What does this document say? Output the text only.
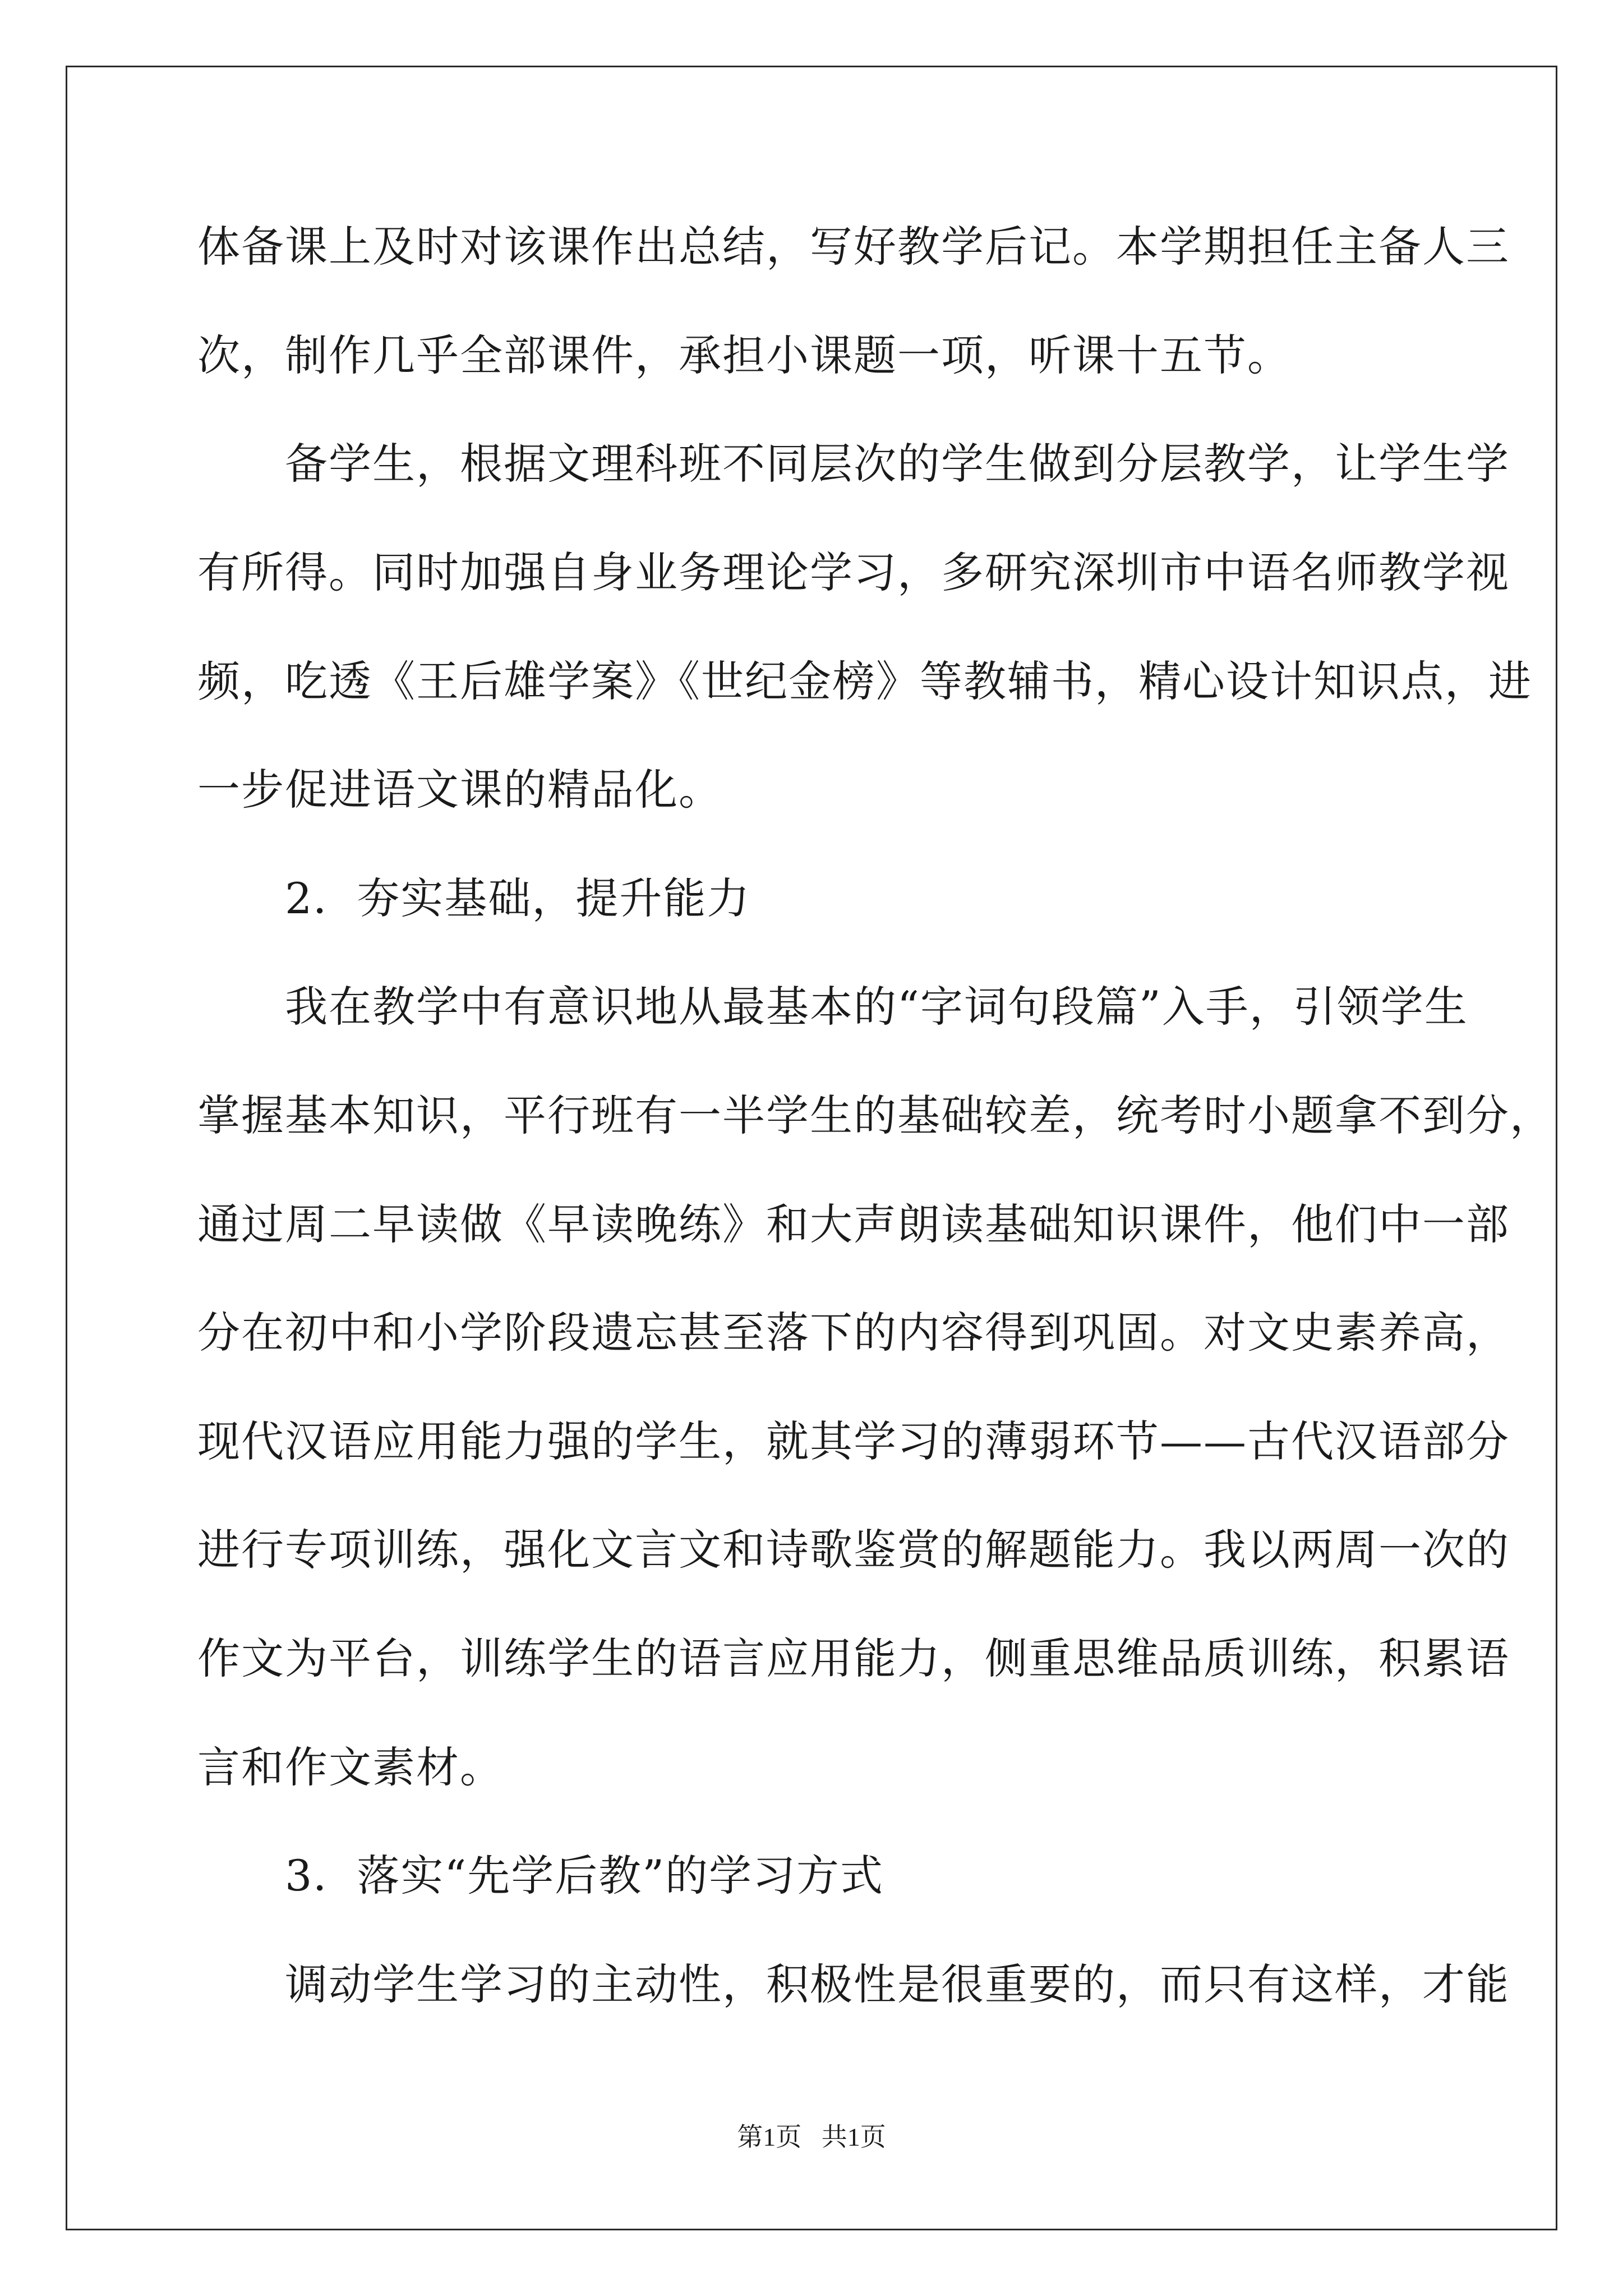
体备课上及时对该课作出总结，写好教学后记。本学期担任主备人三

次，制作几乎全部课件，承担小课题一项，听课十五节。

　　备学生，根据文理科班不同层次的学生做到分层教学，让学生学

有所得。同时加强自身业务理论学习，多研究深圳市中语名师教学视

频，吃透《王后雄学案》《世纪金榜》等教辅书，精心设计知识点，进

一步促进语文课的精品化。

　　2．夯实基础，提升能力

　　我在教学中有意识地从最基本的“字词句段篇”入手，引领学生

掌握基本知识，平行班有一半学生的基础较差，统考时小题拿不到分，

通过周二早读做《早读晚练》和大声朗读基础知识课件，他们中一部

分在初中和小学阶段遗忘甚至落下的内容得到巩固。对文史素养高，

现代汉语应用能力强的学生，就其学习的薄弱环节——古代汉语部分

进行专项训练，强化文言文和诗歌鉴赏的解题能力。我以两周一次的

作文为平台，训练学生的语言应用能力，侧重思维品质训练，积累语

言和作文素材。

　　3．落实“先学后教”的学习方式

　　调动学生学习的主动性，积极性是很重要的，而只有这样，才能

第1页 共1页
